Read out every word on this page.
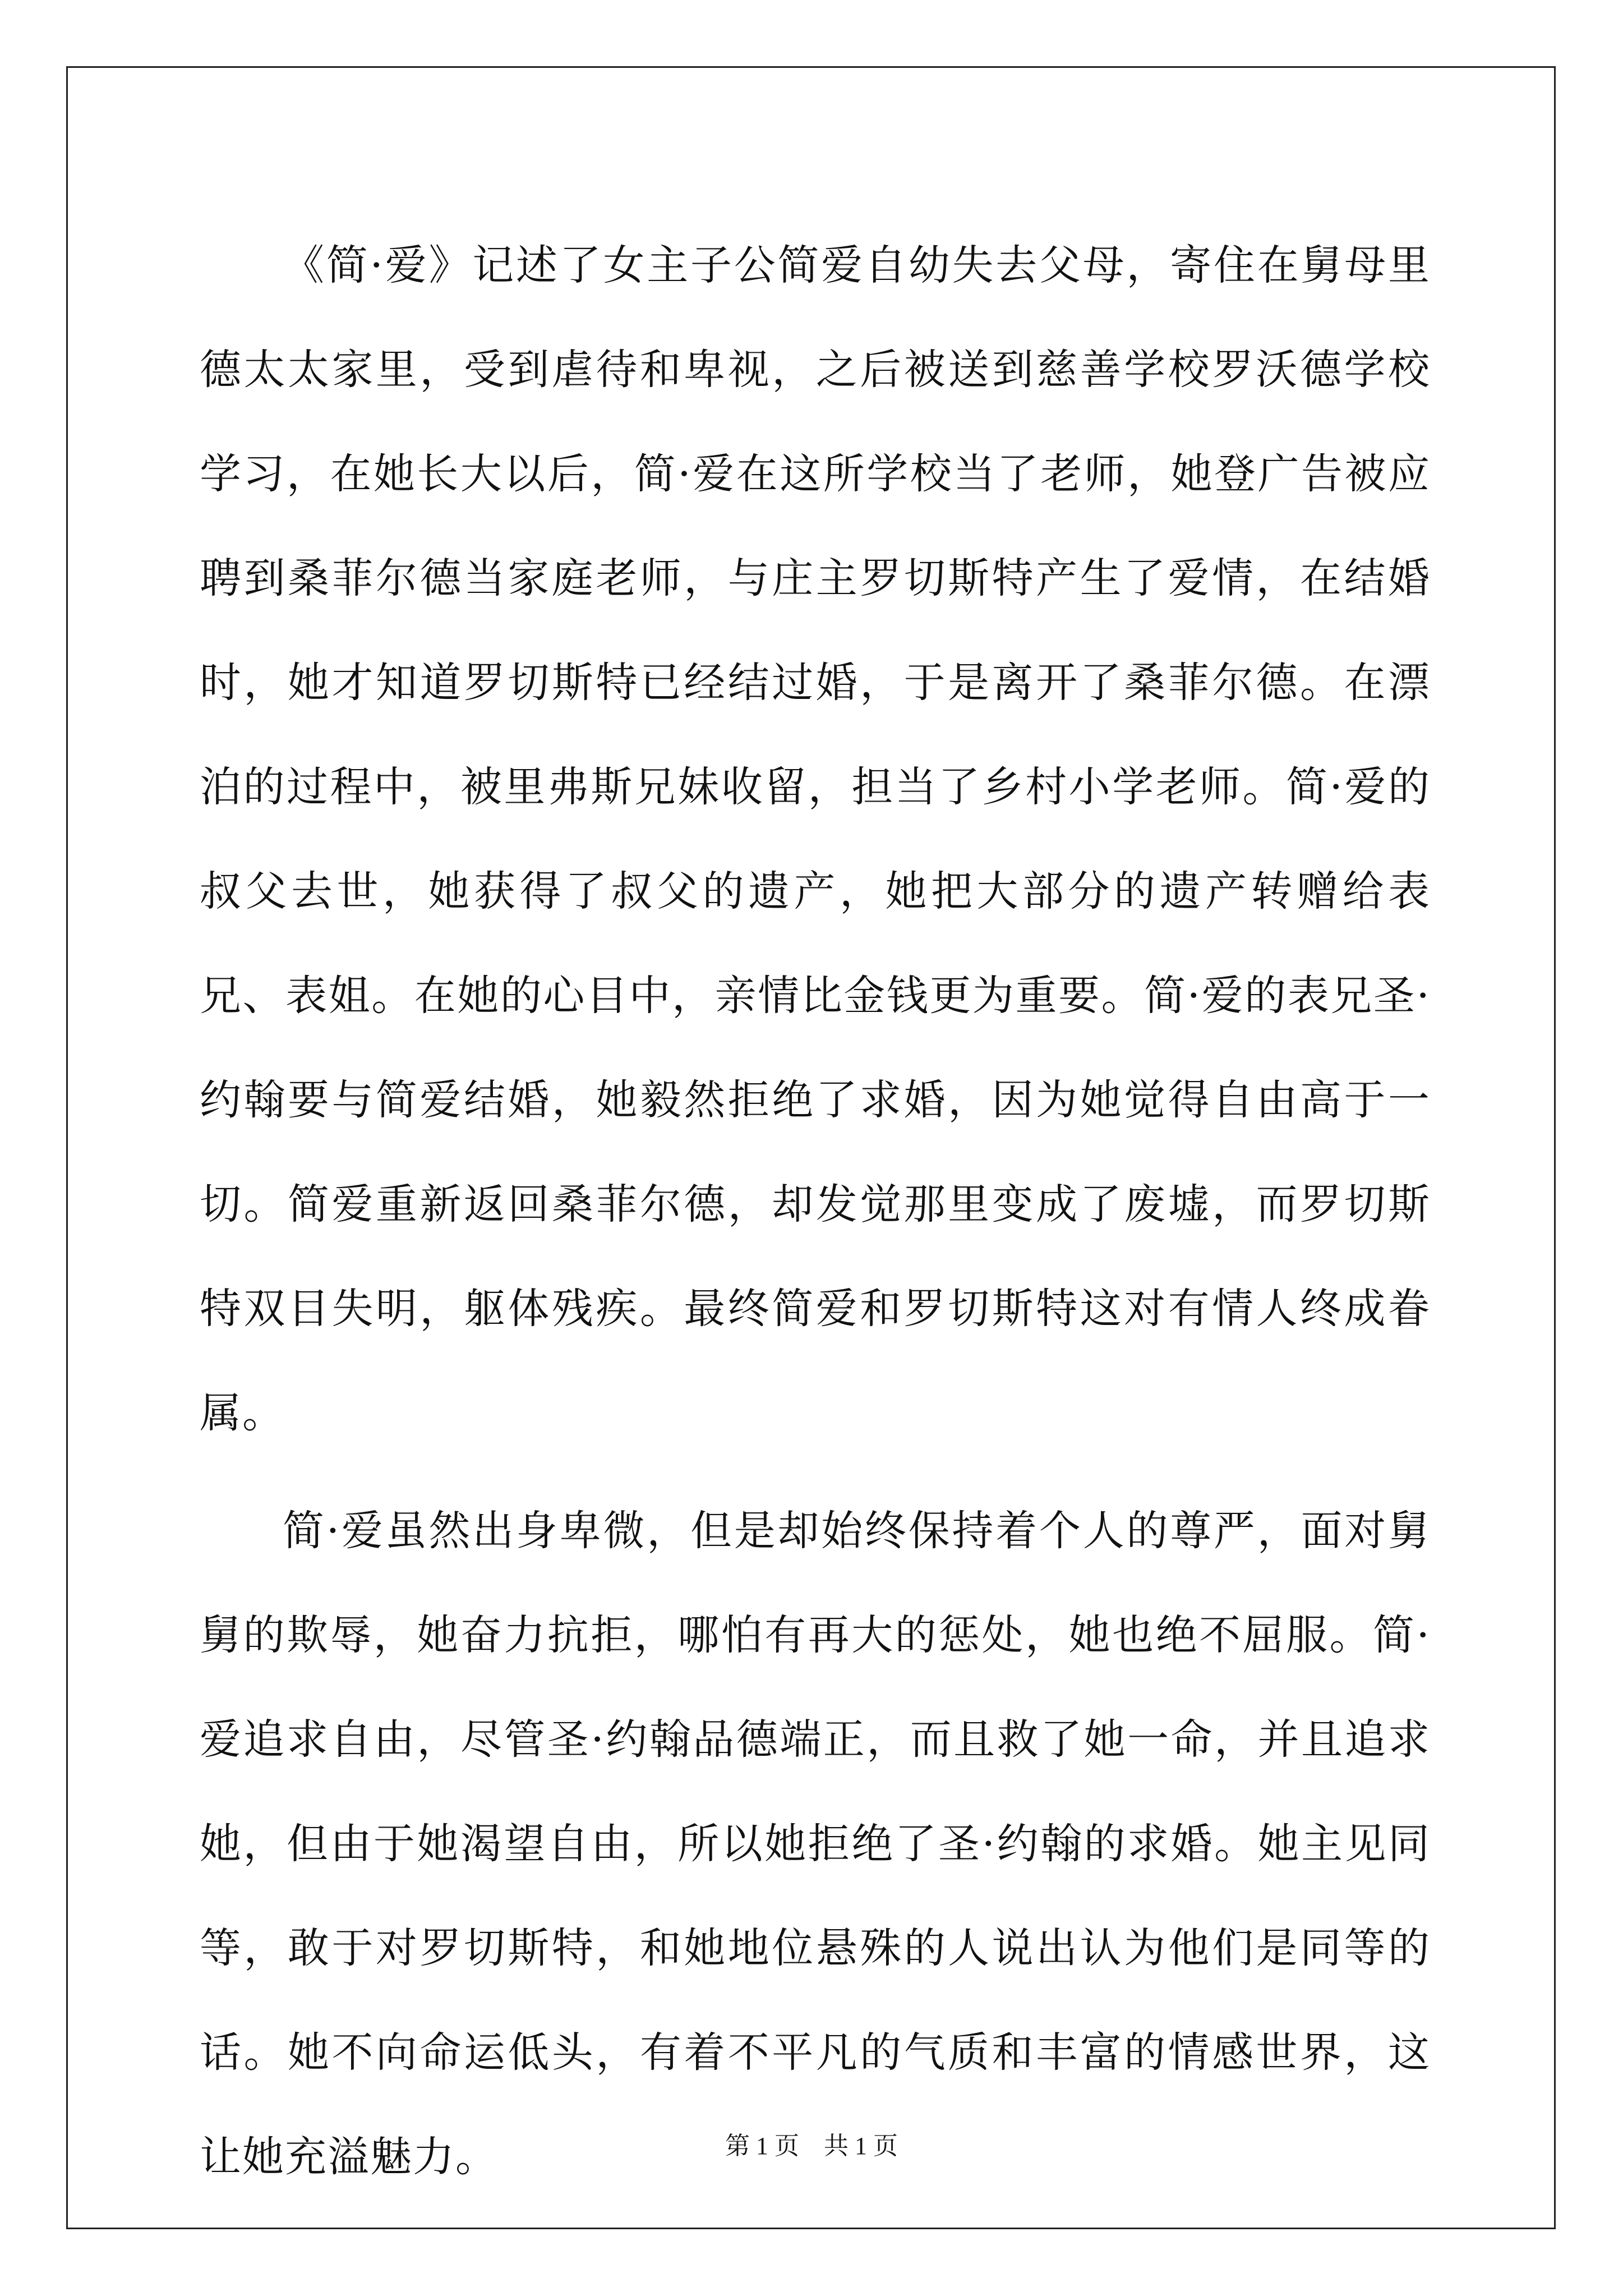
《简·爱》记述了女主子公简爱自幼失去父母，寄住在舅母里德太太家里，受到虐待和卑视，之后被送到慈善学校罗沃德学校学习，在她长大以后，简·爱在这所学校当了老师，她登广告被应聘到桑菲尔德当家庭老师，与庄主罗切斯特产生了爱情，在结婚时，她才知道罗切斯特已经结过婚，于是离开了桑菲尔德。在漂泊的过程中，被里弗斯兄妹收留，担当了乡村小学老师。简·爱的叔父去世，她获得了叔父的遗产，她把大部分的遗产转赠给表兄、表姐。在她的心目中，亲情比金钱更为重要。简·爱的表兄圣·约翰要与简爱结婚，她毅然拒绝了求婚，因为她觉得自由高于一切。简爱重新返回桑菲尔德，却发觉那里变成了废墟，而罗切斯特双目失明，躯体残疾。最终简爱和罗切斯特这对有情人终成眷属。

简·爱虽然出身卑微，但是却始终保持着个人的尊严，面对舅舅的欺辱，她奋力抗拒，哪怕有再大的惩处，她也绝不屈服。简·爱追求自由，尽管圣·约翰品德端正，而且救了她一命，并且追求她，但由于她渴望自由，所以她拒绝了圣·约翰的求婚。她主见同等，敢于对罗切斯特，和她地位悬殊的人说出认为他们是同等的话。她不向命运低头，有着不平凡的气质和丰富的情感世界，这让她充溢魅力。	第 1 页    共 1 页
